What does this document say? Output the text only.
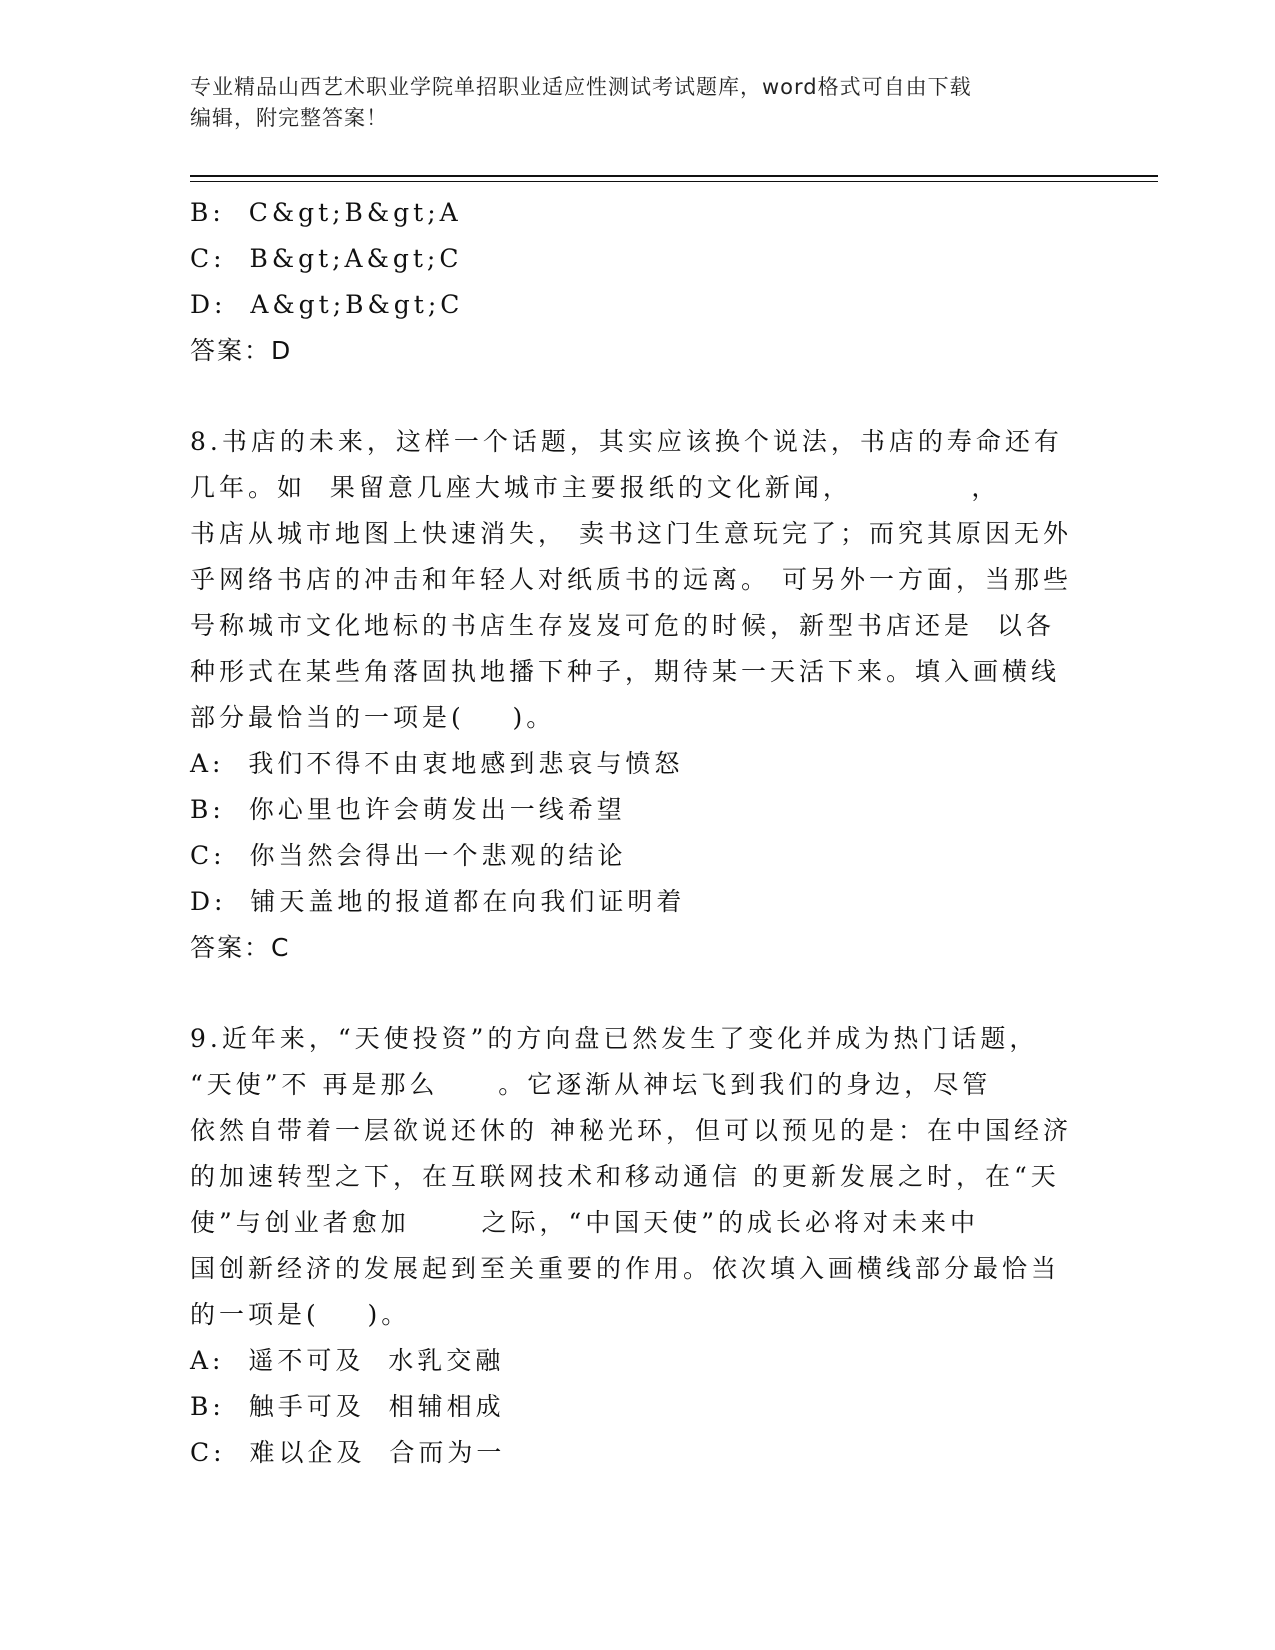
专业精品山西艺术职业学院单招职业适应性测试考试题库，word格式可自由下载
编辑，附完整答案！
B:  C&gt;B&gt;A
C:  B&gt;A&gt;C
D:  A&gt;B&gt;C
答案：D
8.书店的未来，这样一个话题，其实应该换个说法，书店的寿命还有
几年。如  果留意几座大城市主要报纸的文化新闻，          ，
书店从城市地图上快速消失， 卖书这门生意玩完了；而究其原因无外
乎网络书店的冲击和年轻人对纸质书的远离。 可另外一方面，当那些
号称城市文化地标的书店生存岌岌可危的时候，新型书店还是  以各
种形式在某些角落固执地播下种子，期待某一天活下来。填入画横线
部分最恰当的一项是(    )。
A:  我们不得不由衷地感到悲哀与愤怒
B:  你心里也许会萌发出一线希望
C:  你当然会得出一个悲观的结论
D:  铺天盖地的报道都在向我们证明着
答案：C
9.近年来，“天使投资”的方向盘已然发生了变化并成为热门话题，
“天使”不 再是那么     。它逐渐从神坛飞到我们的身边，尽管
依然自带着一层欲说还休的 神秘光环，但可以预见的是：在中国经济
的加速转型之下，在互联网技术和移动通信 的更新发展之时，在“天
使”与创业者愈加      之际，“中国天使”的成长必将对未来中
国创新经济的发展起到至关重要的作用。依次填入画横线部分最恰当
的一项是(    )。
A:  遥不可及  水乳交融
B:  触手可及  相辅相成
C:  难以企及  合而为一
